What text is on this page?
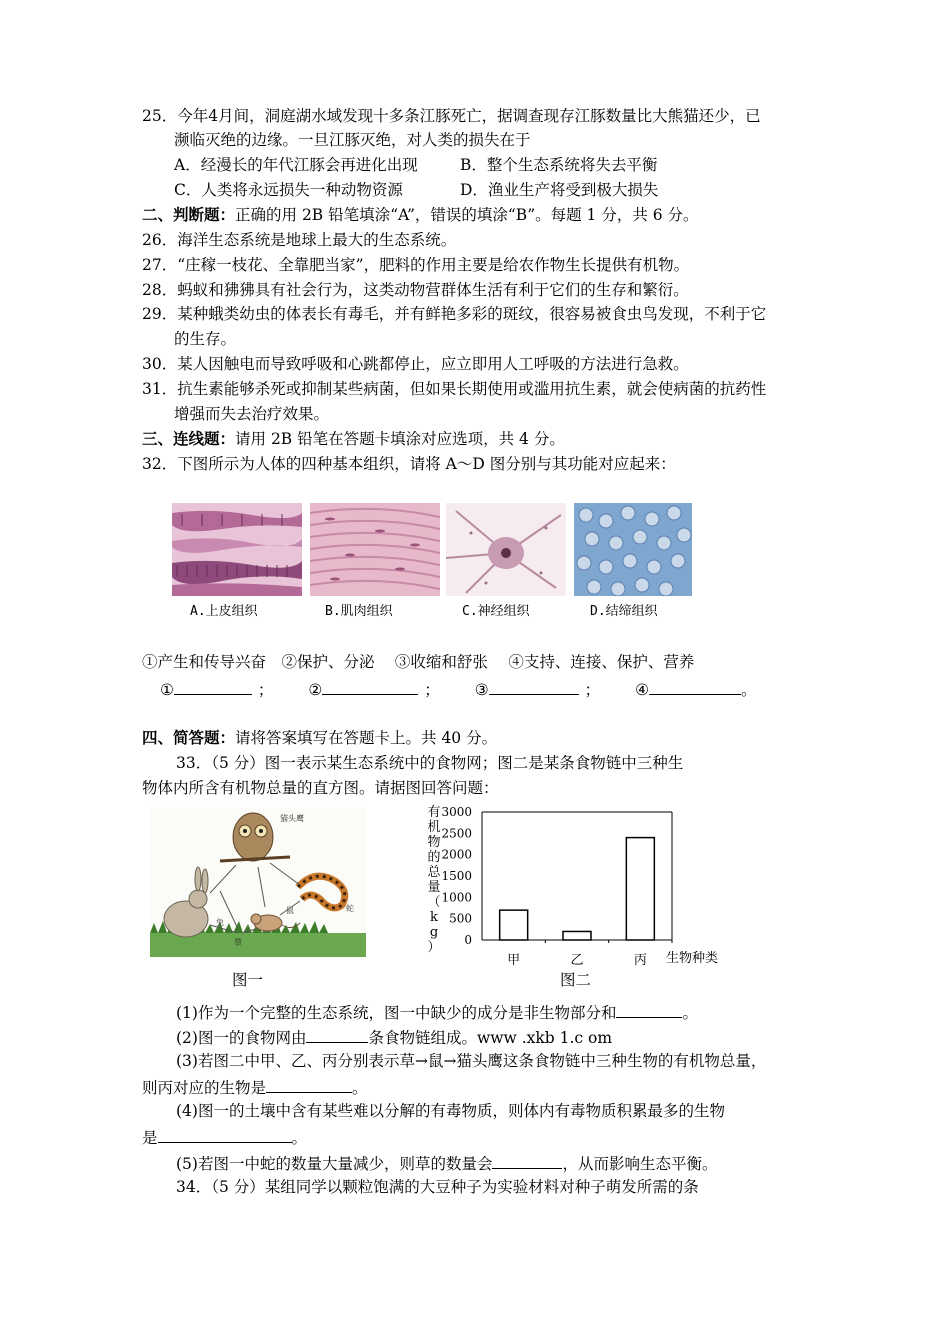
25．今年4月间，洞庭湖水域发现十多条江豚死亡，据调查现存江豚数量比大熊猫还少，已
濒临灭绝的边缘。一旦江豚灭绝，对人类的损失在于
A．经漫长的年代江豚会再进化出现	B．整个生态系统将失去平衡
C．人类将永远损失一种动物资源	D．渔业生产将受到极大损失
二、判断题：正确的用 2B 铅笔填涂“A”，错误的填涂“B”。每题 1 分，共 6 分。
26．海洋生态系统是地球上最大的生态系统。
27．“庄稼一枝花、全靠肥当家”，肥料的作用主要是给农作物生长提供有机物。
28．蚂蚁和狒狒具有社会行为，这类动物营群体生活有利于它们的生存和繁衍。
29．某种蛾类幼虫的体表长有毒毛，并有鲜艳多彩的斑纹，很容易被食虫鸟发现，不利于它
的生存。
30．某人因触电而导致呼吸和心跳都停止，应立即用人工呼吸的方法进行急救。
31．抗生素能够杀死或抑制某些病菌，但如果长期使用或滥用抗生素，就会使病菌的抗药性
增强而失去治疗效果。
三、连线题：请用 2B 铅笔在答题卡填涂对应选项，共 4 分。
32．下图所示为人体的四种基本组织，请将 A～D 图分别与其功能对应起来：
A.上皮组织	B.肌肉组织	C.神经组织	D.结缔组织
①产生和传导兴奋　②保护、分泌　 ③收缩和舒张　 ④支持、连接、保护、营养
①	； ②	； ③	； ④	。
四、简答题：请将答案填写在答题卡上。共 40 分。
33．（5 分）图一表示某生态系统中的食物网；图二是某条食物链中三种生
物体内所含有机物总量的直方图。请据图回答问题：
猫头鹰
蛇
兔
鼠
草
图一
有
机
物
的
总
量
（
k
g
） 0
500
1000
1500
2000
2500
3000
甲	乙	丙 生物种类
图二
(1)作为一个完整的生态系统，图一中缺少的成分是非生物部分和	。
(2)图一的食物网由	条食物链组成。www .xkb 1.c om
(3)若图二中甲、乙、丙分别表示草→鼠→猫头鹰这条食物链中三种生物的有机物总量，
则丙对应的生物是	。
(4)图一的土壤中含有某些难以分解的有毒物质，则体内有毒物质积累最多的生物
是	。
(5)若图一中蛇的数量大量减少，则草的数量会	，从而影响生态平衡。
34．（5 分）某组同学以颗粒饱满的大豆种子为实验材料对种子萌发所需的条
